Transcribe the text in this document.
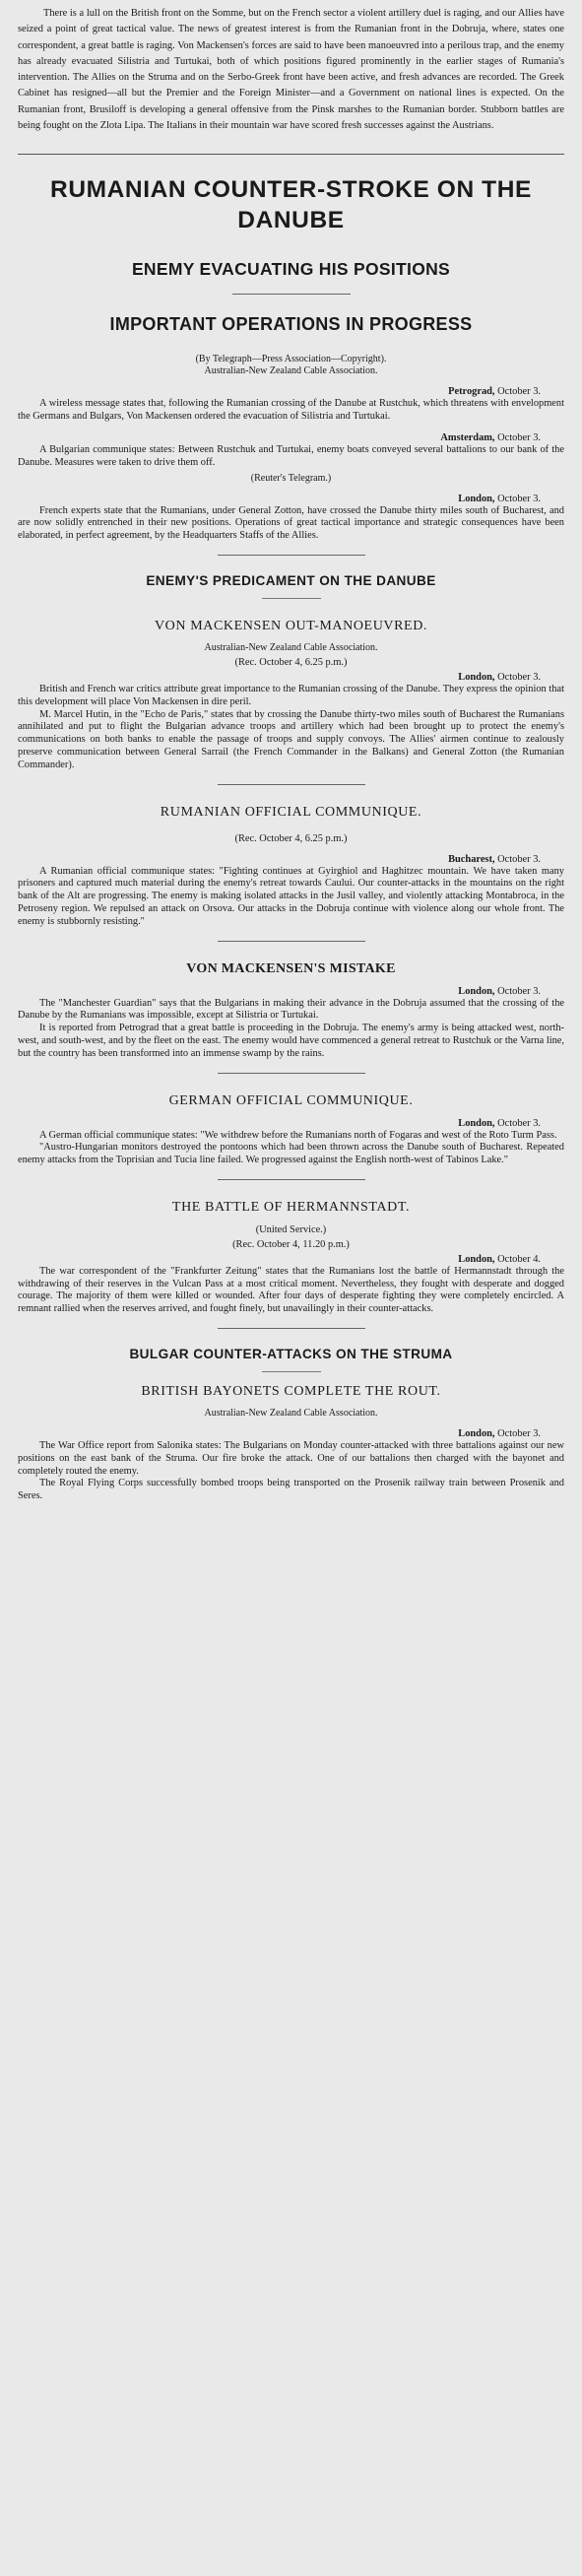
There is a lull on the British front on the Somme, but on the French sector a violent artillery duel is raging, and our Allies have seized a point of great tactical value. The news of greatest interest is from the Rumanian front in the Dobruja, where, states one correspondent, a great battle is raging. Von Mackensen's forces are said to have been manoeuvred into a perilous trap, and the enemy has already evacuated Silistria and Turtukai, both of which positions figured prominently in the earlier stages of Rumania's intervention. The Allies on the Struma and on the Serbo-Greek front have been active, and fresh advances are recorded. The Greek Cabinet has resigned—all but the Premier and the Foreign Minister—and a Government on national lines is expected. On the Rumanian front, Brusiloff is developing a general offensive from the Pinsk marshes to the Rumanian border. Stubborn battles are being fought on the Zlota Lipa. The Italians in their mountain war have scored fresh successes against the Austrians.

RUMANIAN COUNTER-STROKE ON THE DANUBE
ENEMY EVACUATING HIS POSITIONS
IMPORTANT OPERATIONS IN PROGRESS

(By Telegraph—Press Association—Copyright).

Australian-New Zealand Cable Association.

Petrograd, October 3.

A wireless message states that, following the Rumanian crossing of the Danube at Rustchuk, which threatens with envelopment the Germans and Bulgars, Von Mackensen ordered the evacuation of Silistria and Turtukai.

Amsterdam, October 3.

A Bulgarian communique states: Between Rustchuk and Turtukai, enemy boats conveyed several battalions to our bank of the Danube. Measures were taken to drive them off.

(Reuter's Telegram.)

London, October 3.

French experts state that the Rumanians, under General Zotton, have crossed the Danube thirty miles south of Bucharest, and are now solidly entrenched in their new positions. Operations of great tactical importance and strategic consequences have been elaborated, in perfect agreement, by the Headquarters Staffs of the Allies.

ENEMY'S PREDICAMENT ON THE DANUBE
VON MACKENSEN OUT-MANOEUVRED.

Australian-New Zealand Cable Association.

(Rec. October 4, 6.25 p.m.)

London, October 3.

British and French war critics attribute great importance to the Rumanian crossing of the Danube. They express the opinion that this development will place Von Mackensen in dire peril.

M. Marcel Hutin, in the "Echo de Paris," states that by crossing the Danube thirty-two miles south of Bucharest the Rumanians annihilated and put to flight the Bulgarian advance troops and artillery which had been brought up to protect the enemy's communications on both banks to enable the passage of troops and supply convoys. The Allies' airmen continue to zealously preserve communication between General Sarrail (the French Commander in the Balkans) and General Zotton (the Rumanian Commander).

RUMANIAN OFFICIAL COMMUNIQUE.

(Rec. October 4, 6.25 p.m.)

Bucharest, October 3.

A Rumanian official communique states: "Fighting continues at Gyirghiol and Haghitzec mountain. We have taken many prisoners and captured much material during the enemy's retreat towards Caului. Our counter-attacks in the mountains on the right bank of the Alt are progressing. The enemy is making isolated attacks in the Jusil valley, and violently attacking Montabroca, in the Petroseny region. We repulsed an attack on Orsova. Our attacks in the Dobruja continue with violence along our whole front. The enemy is stubbornly resisting."

VON MACKENSEN'S MISTAKE

London, October 3.

The "Manchester Guardian" says that the Bulgarians in making their advance in the Dobruja assumed that the crossing of the Danube by the Rumanians was impossible, except at Silistria or Turtukai.

It is reported from Petrograd that a great battle is proceeding in the Dobruja. The enemy's army is being attacked west, north-west, and south-west, and by the fleet on the east. The enemy would have commenced a general retreat to Rustchuk or the Varna line, but the country has been transformed into an immense swamp by the rains.

GERMAN OFFICIAL COMMUNIQUE.

London, October 3.

A German official communique states: "We withdrew before the Rumanians north of Fogaras and west of the Roto Turm Pass.

"Austro-Hungarian monitors destroyed the pontoons which had been thrown across the Danube south of Bucharest. Repeated enemy attacks from the Toprisian and Tucia line failed. We progressed against the English north-west of Tabinos Lake."

THE BATTLE OF HERMANNSTADT.

(United Service.)

(Rec. October 4, 11.20 p.m.)

London, October 4.

The war correspondent of the "Frankfurter Zeitung" states that the Rumanians lost the battle of Hermannstadt through the withdrawing of their reserves in the Vulcan Pass at a most critical moment. Nevertheless, they fought with desperate and dogged courage. The majority of them were killed or wounded. After four days of desperate fighting they were completely encircled. A remnant rallied when the reserves arrived, and fought finely, but unavailingly in their counter-attacks.

BULGAR COUNTER-ATTACKS ON THE STRUMA
BRITISH BAYONETS COMPLETE THE ROUT.

Australian-New Zealand Cable Association.

London, October 3.

The War Office report from Salonika states: The Bulgarians on Monday counter-attacked with three battalions against our new positions on the east bank of the Struma. Our fire broke the attack. One of our battalions then charged with the bayonet and completely routed the enemy.

The Royal Flying Corps successfully bombed troops being transported on the Prosenik railway train between Prosenik and Seres.
